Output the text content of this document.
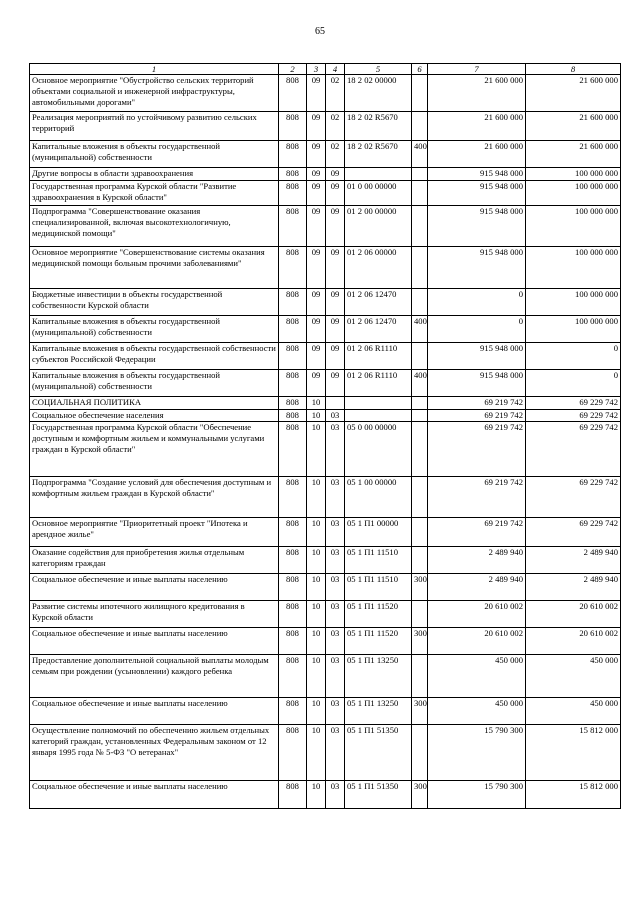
65
1	2	3	4	5	6	7	8
Основное мероприятие "Обустройство сельских территорий объектами социальной и инженерной инфраструктуры, автомобильными дорогами"	808	09	02	18 2 02 00000		21 600 000	21 600 000
Реализация мероприятий по устойчивому развитию сельских территорий	808	09	02	18 2 02 R5670		21 600 000	21 600 000
Капитальные вложения в объекты государственной (муниципальной) собственности	808	09	02	18 2 02 R5670	400	21 600 000	21 600 000
Другие вопросы в области здравоохранения	808	09	09			915 948 000	100 000 000
Государственная программа Курской области "Развитие здравоохранения в Курской области"	808	09	09	01 0 00 00000		915 948 000	100 000 000
Подпрограмма "Совершенствование оказания специализированной, включая высокотехнологичную, медицинской помощи"	808	09	09	01 2 00 00000		915 948 000	100 000 000
Основное мероприятие "Совершенствование системы оказания медицинской помощи больным прочими заболеваниями"	808	09	09	01 2 06 00000		915 948 000	100 000 000
Бюджетные инвестиции в объекты государственной собственности Курской области	808	09	09	01 2 06 12470		0	100 000 000
Капитальные вложения в объекты государственной (муниципальной) собственности	808	09	09	01 2 06 12470	400	0	100 000 000
Капитальные вложения в объекты государственной собственности субъектов Российской Федерации	808	09	09	01 2 06 R1110		915 948 000	0
Капитальные вложения в объекты государственной (муниципальной) собственности	808	09	09	01 2 06 R1110	400	915 948 000	0
СОЦИАЛЬНАЯ ПОЛИТИКА	808	10				69 219 742	69 229 742
Социальное обеспечение населения	808	10	03			69 219 742	69 229 742
Государственная программа Курской области "Обеспечение доступным и комфортным жильем и коммунальными услугами граждан в Курской области"	808	10	03	05 0 00 00000		69 219 742	69 229 742
Подпрограмма "Создание условий для обеспечения доступным и комфортным жильем граждан в Курской области"	808	10	03	05 1 00 00000		69 219 742	69 229 742
Основное мероприятие "Приоритетный проект "Ипотека и арендное жилье"	808	10	03	05 1 П1 00000		69 219 742	69 229 742
Оказание содействия для приобретения жилья отдельным категориям граждан	808	10	03	05 1 П1 11510		2 489 940	2 489 940
Социальное обеспечение и иные выплаты населению	808	10	03	05 1 П1 11510	300	2 489 940	2 489 940
Развитие системы ипотечного жилищного кредитования в Курской области	808	10	03	05 1 П1 11520		20 610 002	20 610 002
Социальное обеспечение и иные выплаты населению	808	10	03	05 1 П1 11520	300	20 610 002	20 610 002
Предоставление дополнительной социальной выплаты молодым семьям при рождении (усыновлении) каждого ребенка	808	10	03	05 1 П1 13250		450 000	450 000
Социальное обеспечение и иные выплаты населению	808	10	03	05 1 П1 13250	300	450 000	450 000
Осуществление полномочий по обеспечению жильем отдельных категорий граждан, установленных Федеральным законом от 12 января 1995 года № 5-ФЗ "О ветеранах"	808	10	03	05 1 П1 51350		15 790 300	15 812 000
Социальное обеспечение и иные выплаты населению	808	10	03	05 1 П1 51350	300	15 790 300	15 812 000
